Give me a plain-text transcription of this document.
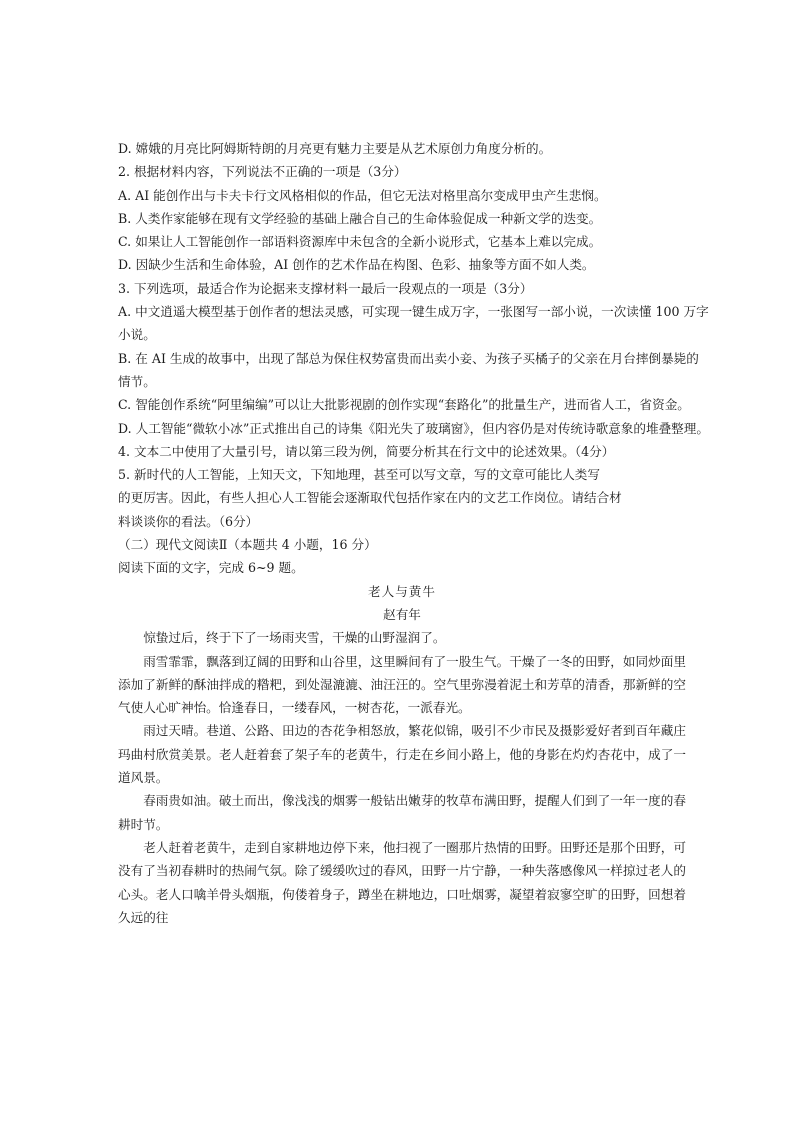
D. 嫦娥的月亮比阿姆斯特朗的月亮更有魅力主要是从艺术原创力角度分析的。
2. 根据材料内容，下列说法不正确的一项是（3分）
A. AI 能创作出与卡夫卡行文风格相似的作品，但它无法对格里高尔变成甲虫产生悲悯。
B. 人类作家能够在现有文学经验的基础上融合自己的生命体验促成一种新文学的迭变。
C. 如果让人工智能创作一部语料资源库中未包含的全新小说形式，它基本上难以完成。
D. 因缺少生活和生命体验，AI 创作的艺术作品在构图、色彩、抽象等方面不如人类。
3. 下列选项，最适合作为论据来支撑材料一最后一段观点的一项是（3分）
A. 中文逍遥大模型基于创作者的想法灵感，可实现一键生成万字，一张图写一部小说，一次读懂 100 万字
小说。
B. 在 AI 生成的故事中，出现了郜总为保住权势富贵而出卖小妾、为孩子买橘子的父亲在月台摔倒暴毙的
情节。
C. 智能创作系统“阿里编编”可以让大批影视剧的创作实现“套路化”的批量生产，进而省人工，省资金。
D. 人工智能“微软小冰”正式推出自己的诗集《阳光失了玻璃窗》，但内容仍是对传统诗歌意象的堆叠整理。
4. 文本二中使用了大量引号，请以第三段为例，简要分析其在行文中的论述效果。（4分）
5. 新时代的人工智能，上知天文，下知地理，甚至可以写文章，写的文章可能比人类写
的更厉害。因此，有些人担心人工智能会逐渐取代包括作家在内的文艺工作岗位。请结合材
料谈谈你的看法。（6分）
（二）现代文阅读Ⅱ（本题共 4 小题，16 分）
阅读下面的文字，完成 6~9 题。
老人与黄牛
赵有年
惊蛰过后，终于下了一场雨夹雪，干燥的山野湿润了。
雨雪霏霏，飘落到辽阔的田野和山谷里，这里瞬间有了一股生气。干燥了一冬的田野，如同炒面里添加了新鲜的酥油拌成的糌粑，到处湿漉漉、油汪汪的。空气里弥漫着泥土和芳草的清香，那新鲜的空气使人心旷神怡。恰逢春日，一缕春风，一树杏花，一派春光。
雨过天晴。巷道、公路、田边的杏花争相怒放，繁花似锦，吸引不少市民及摄影爱好者到百年藏庄玛曲村欣赏美景。老人赶着套了架子车的老黄牛，行走在乡间小路上，他的身影在灼灼杏花中，成了一道风景。
春雨贵如油。破土而出，像浅浅的烟雾一般钻出嫩芽的牧草布满田野，提醒人们到了一年一度的春耕时节。
老人赶着老黄牛，走到自家耕地边停下来，他扫视了一圈那片热情的田野。田野还是那个田野，可没有了当初春耕时的热闹气氛。除了缓缓吹过的春风，田野一片宁静，一种失落感像风一样掠过老人的心头。老人口噙羊骨头烟瓶，佝偻着身子，蹲坐在耕地边，口吐烟雾，凝望着寂寥空旷的田野，回想着久远的往
